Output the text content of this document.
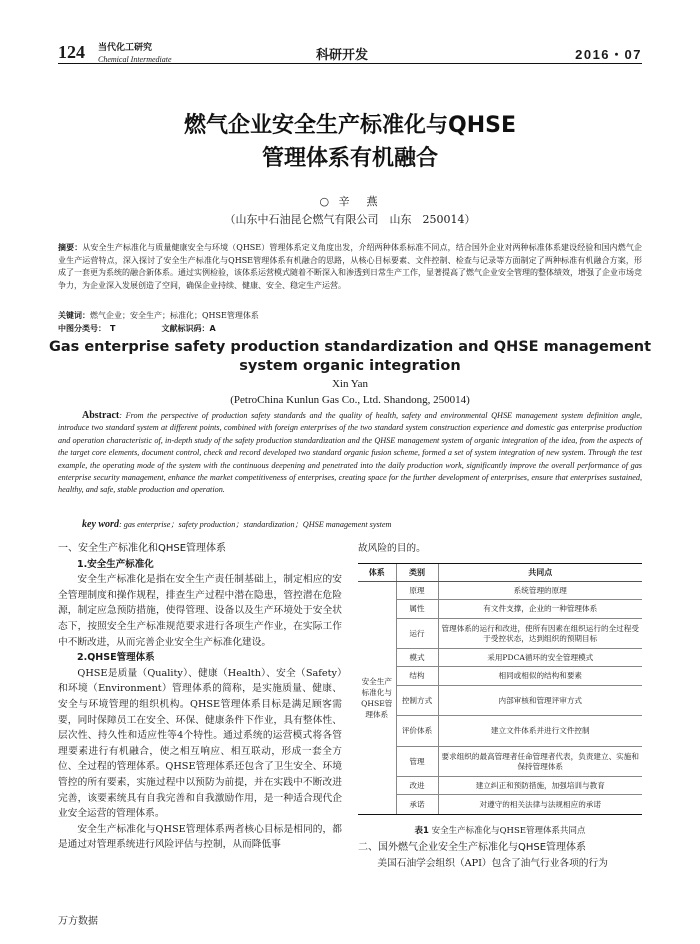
124 当代化工研究
Chemical Intermediate	科研开发	2016・07
燃气企业安全生产标准化与QHSE
管理体系有机融合
○ 辛　燕
（山东中石油昆仑燃气有限公司　山东　250014）
摘要：从安全生产标准化与质量健康安全与环境（QHSE）管理体系定义角度出发，介绍两种体系标准不同点，结合国外企业对两种标准体系建设经验和国内燃气企业生产运营特点，深入探讨了安全生产标准化与QHSE管理体系有机融合的思路，从核心目标要素、文件控制、检查与记录等方面制定了两种标准有机融合方案，形成了一套更为系统的融合新体系。通过实例检验，该体系运营模式随着不断深入和渗透到日常生产工作，显著提高了燃气企业安全管理的整体绩效，增强了企业市场竞争力，为企业深入发展创造了空间，确保企业持续、健康、安全、稳定生产运营。
关键词：燃气企业；安全生产；标准化；QHSE管理体系
中图分类号： T	文献标识码：A
Gas enterprise safety production standardization and QHSE management
system organic integration
Xin Yan
(PetroChina Kunlun Gas Co., Ltd. Shandong, 250014)
Abstract: From the perspective of production safety standards and the quality of health, safety and environmental QHSE management system definition angle, introduce two standard system at different points, combined with foreign enterprises of the two standard system construction experience and domestic gas enterprise production and operation characteristic of, in-depth study of the safety production standardization and the QHSE management system of organic integration of the idea, from the aspects of the target core elements, document control, check and record developed two standard organic fusion scheme, formed a set of system integration of new system. Through the test example, the operating mode of the system with the continuous deepening and penetrated into the daily production work, significantly improve the overall performance of gas enterprise security management, enhance the market competitiveness of enterprises, creating space for the further development of enterprises, ensure that enterprises sustained, healthy, and safe, stable production and operation.
key word: gas enterprise；safety production；standardization；QHSE management system
一、安全生产标准化和QHSE管理体系
1.安全生产标准化

安全生产标准化是指在安全生产责任制基础上，制定相应的安全管理制度和操作规程，排查生产过程中潜在隐患，管控潜在危险源，制定应急预防措施，使得管理、设备以及生产环境处于安全状态下，按照安全生产标准规范要求进行各项生产作业，在实际工作中不断改进，从而完善企业安全生产标准化建设。

2.QHSE管理体系

QHSE是质量（Quality）、健康（Health）、安全（Safety）和环境（Environment）管理体系的简称，是实施质量、健康、安全与环境管理的组织机构。QHSE管理体系目标是满足顾客需要，同时保障员工在安全、环保、健康条件下作业，具有整体性、层次性、持久性和适应性等4个特性。通过系统的运营模式将各管理要素进行有机融合，使之相互响应、相互联动，形成一套全方位、全过程的管理体系。QHSE管理体系还包含了卫生安全、环境管控的所有要素，实施过程中以预防为前提，并在实践中不断改进完善，该要素统具有自我完善和自我激励作用，是一种适合现代企业安全运营的管理体系。

安全生产标准化与QHSE管理体系两者核心目标是相同的，都是通过对管理系统进行风险评估与控制，从而降低事

故风险的目的。
体系	类别	共同点
安全生产标准化与QHSE管理体系	原理	系统管理的原理
	属性	有文件支撑，企业的一种管理体系
	运行	管理体系的运行和改进，使所有因素在组织运行的全过程受于受控状态，达到组织的预期目标
	模式	采用PDCA循环的安全管理模式
	结构	相同或相似的结构和要素
	控制方式	内部审核和管理评审方式
	评价体系	建立文件体系并进行文件控制
	管理	要求组织的最高管理者任命管理者代表，负责建立、实施和保持管理体系
	改进	建立纠正和预防措施，加强培训与教育
	承诺	对遵守的相关法律与法规相应的承诺
表1 安全生产标准化与QHSE管理体系共同点
二、国外燃气企业安全生产标准化与QHSE管理体系

美国石油学会组织（API）包含了油气行业各项的行为

万方数据
